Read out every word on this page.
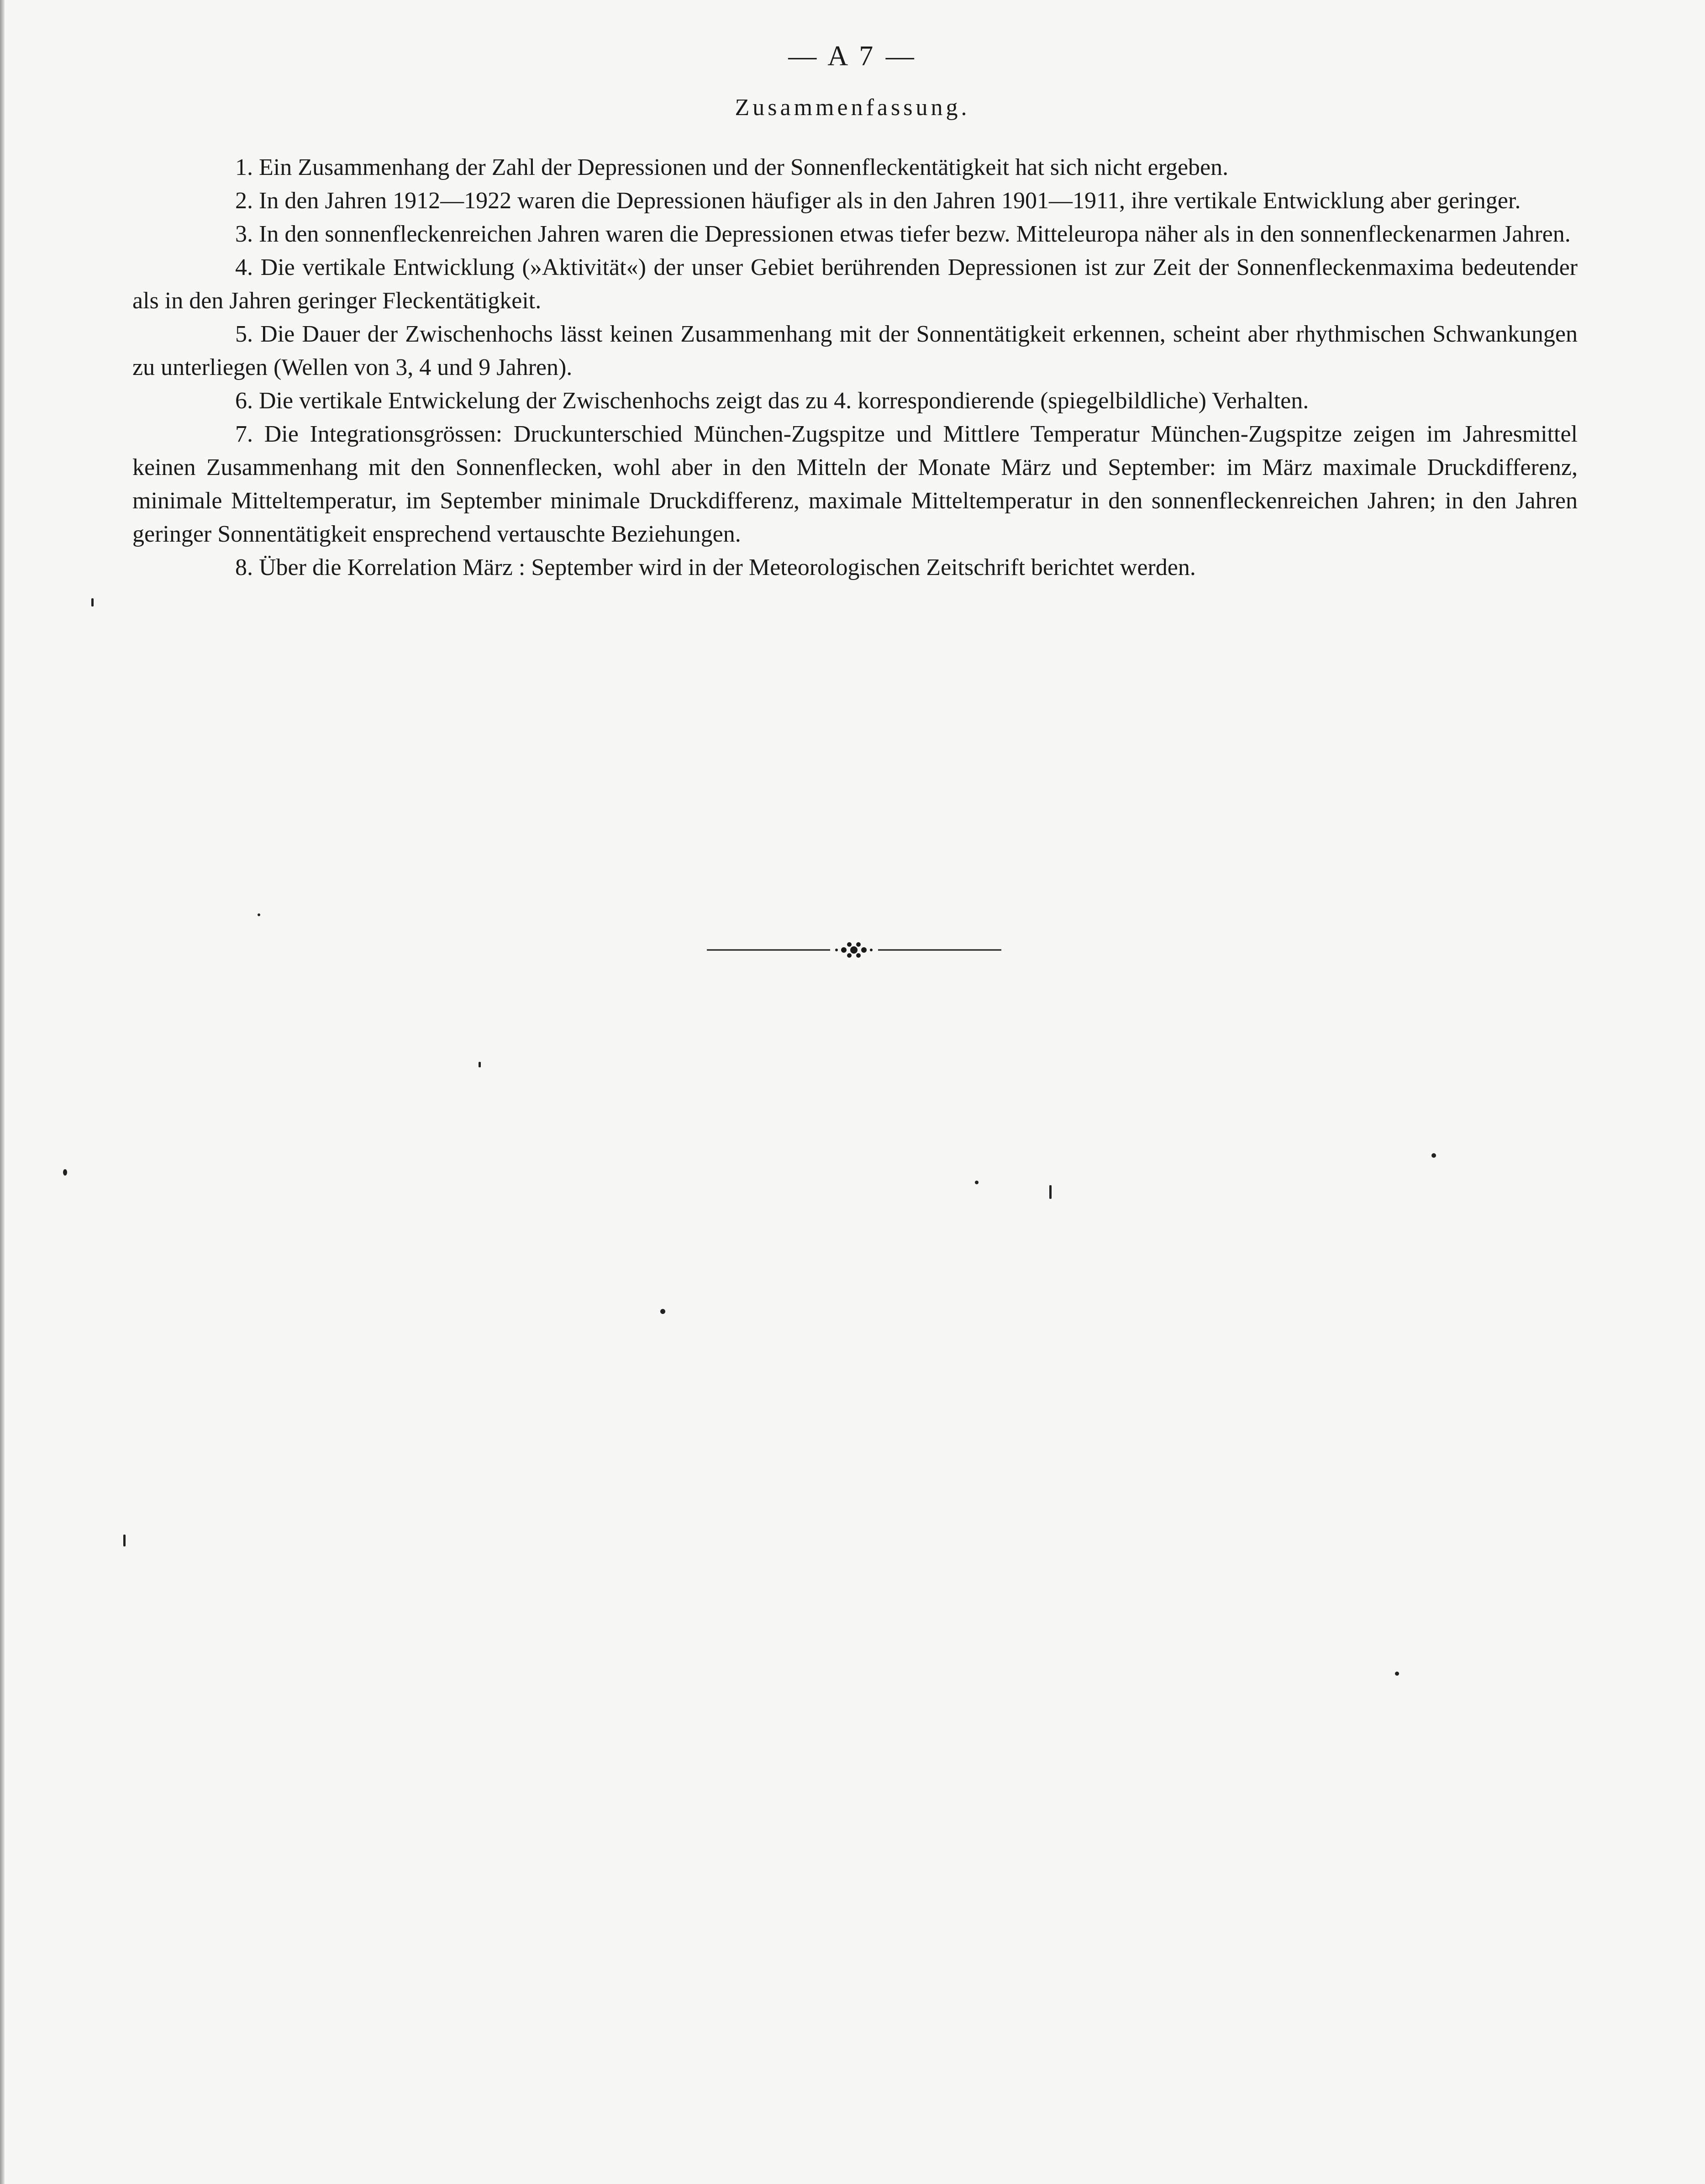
— A 7 —
Zusammenfassung.

1. Ein Zusammenhang der Zahl der Depressionen und der Sonnenfleckentätigkeit hat sich nicht ergeben.

2. In den Jahren 1912—1922 waren die Depressionen häufiger als in den Jahren 1901—1911, ihre vertikale Entwicklung aber geringer.

3. In den sonnenfleckenreichen Jahren waren die Depressionen etwas tiefer bezw. Mitteleuropa näher als in den sonnenfleckenarmen Jahren.

4. Die vertikale Entwicklung (»Aktivität«) der unser Gebiet berührenden Depressionen ist zur Zeit der Sonnenfleckenmaxima bedeutender als in den Jahren geringer Fleckentätigkeit.

5. Die Dauer der Zwischenhochs lässt keinen Zusammenhang mit der Sonnentätigkeit erkennen, scheint aber rhythmischen Schwankungen zu unterliegen (Wellen von 3, 4 und 9 Jahren).

6. Die vertikale Entwickelung der Zwischenhochs zeigt das zu 4. korrespondierende (spiegelbildliche) Verhalten.

7. Die Integrationsgrössen: Druckunterschied München-Zugspitze und Mittlere Temperatur München-Zugspitze zeigen im Jahresmittel keinen Zusammenhang mit den Sonnenflecken, wohl aber in den Mitteln der Monate März und September: im März maximale Druckdifferenz, minimale Mitteltemperatur, im September minimale Druckdifferenz, maximale Mitteltemperatur in den sonnenfleckenreichen Jahren; in den Jahren geringer Sonnentätigkeit ensprechend vertauschte Beziehungen.

8. Über die Korrelation März : September wird in der Meteorologischen Zeitschrift berichtet werden.
